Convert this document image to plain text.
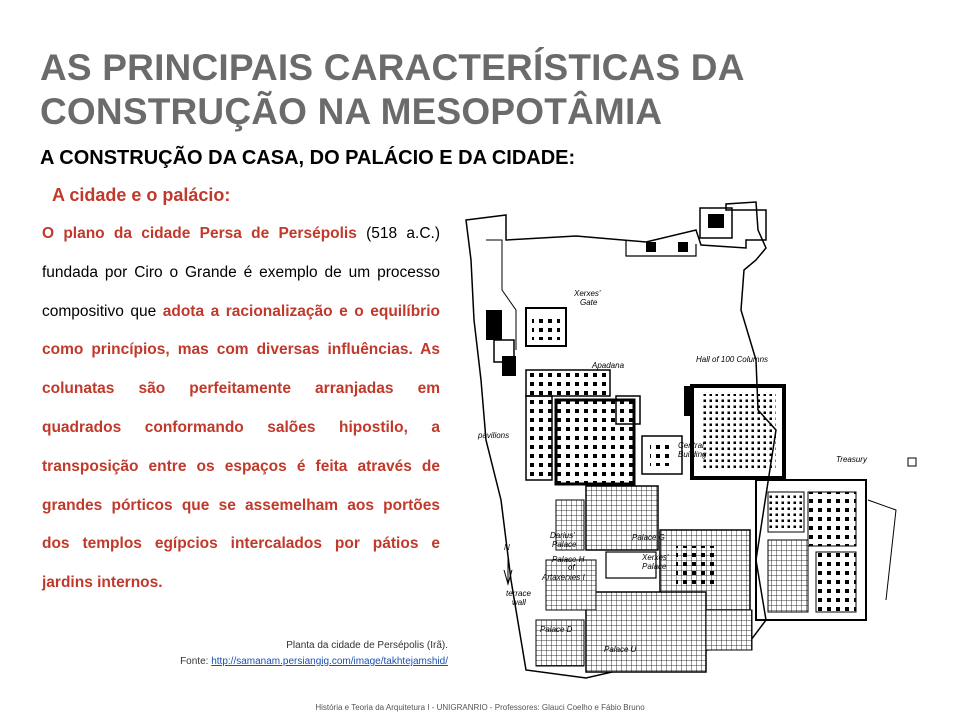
AS PRINCIPAIS CARACTERÍSTICAS DA
CONSTRUÇÃO NA MESOPOTÂMIA
A CONSTRUÇÃO DA CASA, DO PALÁCIO E DA CIDADE:
A cidade e o palácio:
O plano da cidade Persa de Persépolis (518 a.C.) fundada por Ciro o Grande é exemplo de um processo compositivo que adota a racionalização e o equilíbrio como princípios, mas com diversas influências. As colunatas são perfeitamente arranjadas em quadrados conformando salões hipostilo, a transposição entre os espaços é feita através de grandes pórticos que se assemelham aos portões dos templos egípcios intercalados por pátios e jardins internos.
Xerxes'
Gate
Apadana
pavilions
Hall of 100 Columns
Central
Building
Treasury
Darius'
Palace
Palace G
Xerxes'
Palace
terrace
wall
Palace H
of
Artaxerxes I
Palace D
Palace U
N
Planta da cidade de Persépolis (Irã).
Fonte: http://samanam.persiangig.com/image/takhtejamshid/
História e Teoria da Arquitetura I - UNIGRANRIO - Professores: Glauci Coelho e Fábio Bruno
